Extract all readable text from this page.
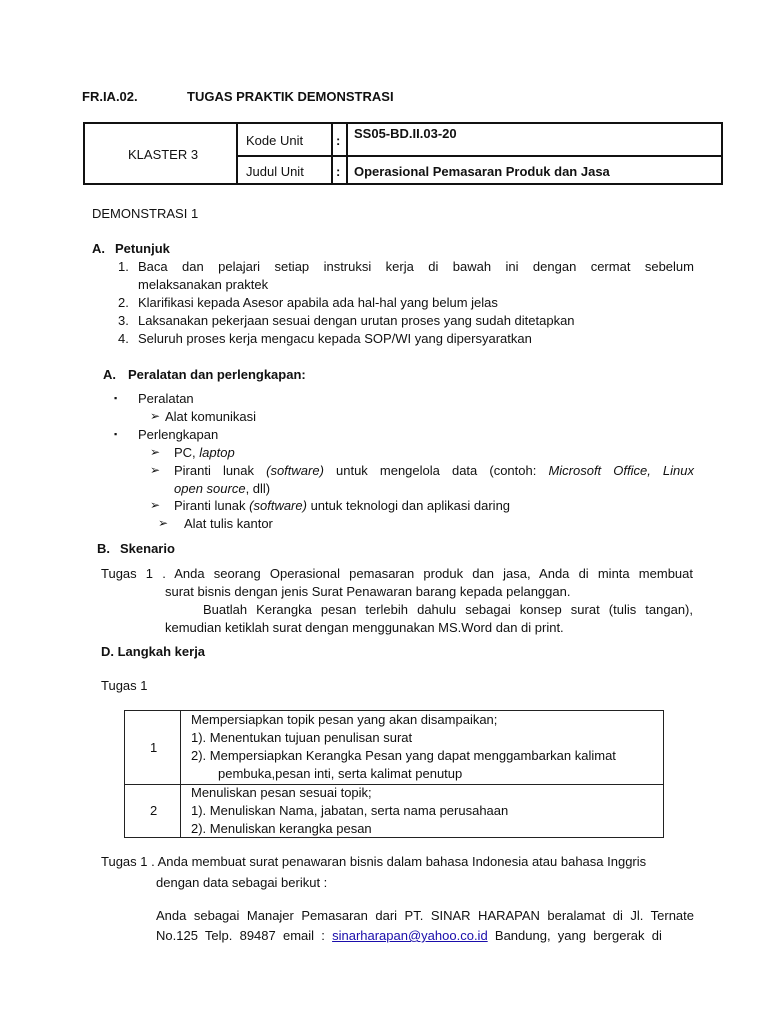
FR.IA.02.	TUGAS PRAKTIK DEMONSTRASI
KLASTER 3
Kode Unit	: SS05-BD.II.03-20
Judul Unit : Operasional Pemasaran Produk dan Jasa
DEMONSTRASI 1
A. Petunjuk
1. Baca dan pelajari setiap instruksi kerja di bawah ini dengan cermat sebelum
melaksanakan praktek
2. Klarifikasi kepada Asesor apabila ada hal-hal yang belum jelas
3. Laksanakan pekerjaan sesuai dengan urutan proses yang sudah ditetapkan
4. Seluruh proses kerja mengacu kepada SOP/WI yang dipersyaratkan
A. Peralatan dan perlengkapan:
▪ Peralatan
➢ Alat komunikasi
▪ Perlengkapan
➢ PC, laptop
➢ Piranti lunak (software) untuk mengelola data (contoh: Microsoft Office, Linux
open source, dll)
➢ Piranti lunak (software) untuk teknologi dan aplikasi daring
➢ Alat tulis kantor
B. Skenario
Tugas 1 . Anda seorang Operasional pemasaran produk dan jasa, Anda di minta membuat
surat bisnis dengan jenis Surat Penawaran barang kepada pelanggan.
Buatlah Kerangka pesan terlebih dahulu sebagai konsep surat (tulis tangan),
kemudian ketiklah surat dengan menggunakan MS.Word dan di print.
D. Langkah kerja
Tugas 1
1
Mempersiapkan topik pesan yang akan disampaikan;
1). Menentukan tujuan penulisan surat
2). Mempersiapkan Kerangka Pesan yang dapat menggambarkan kalimat
pembuka,pesan inti, serta kalimat penutup
2
Menuliskan pesan sesuai topik;
1). Menuliskan Nama, jabatan, serta nama perusahaan
2). Menuliskan kerangka pesan
Tugas 1 . Anda membuat surat penawaran bisnis dalam bahasa Indonesia atau bahasa Inggris
dengan data sebagai berikut :
Anda sebagai Manajer Pemasaran dari PT. SINAR HARAPAN beralamat di Jl. Ternate
No.125  Telp.  89487  email  :  sinarharapan@yahoo.co.id  Bandung,  yang  bergerak  di
